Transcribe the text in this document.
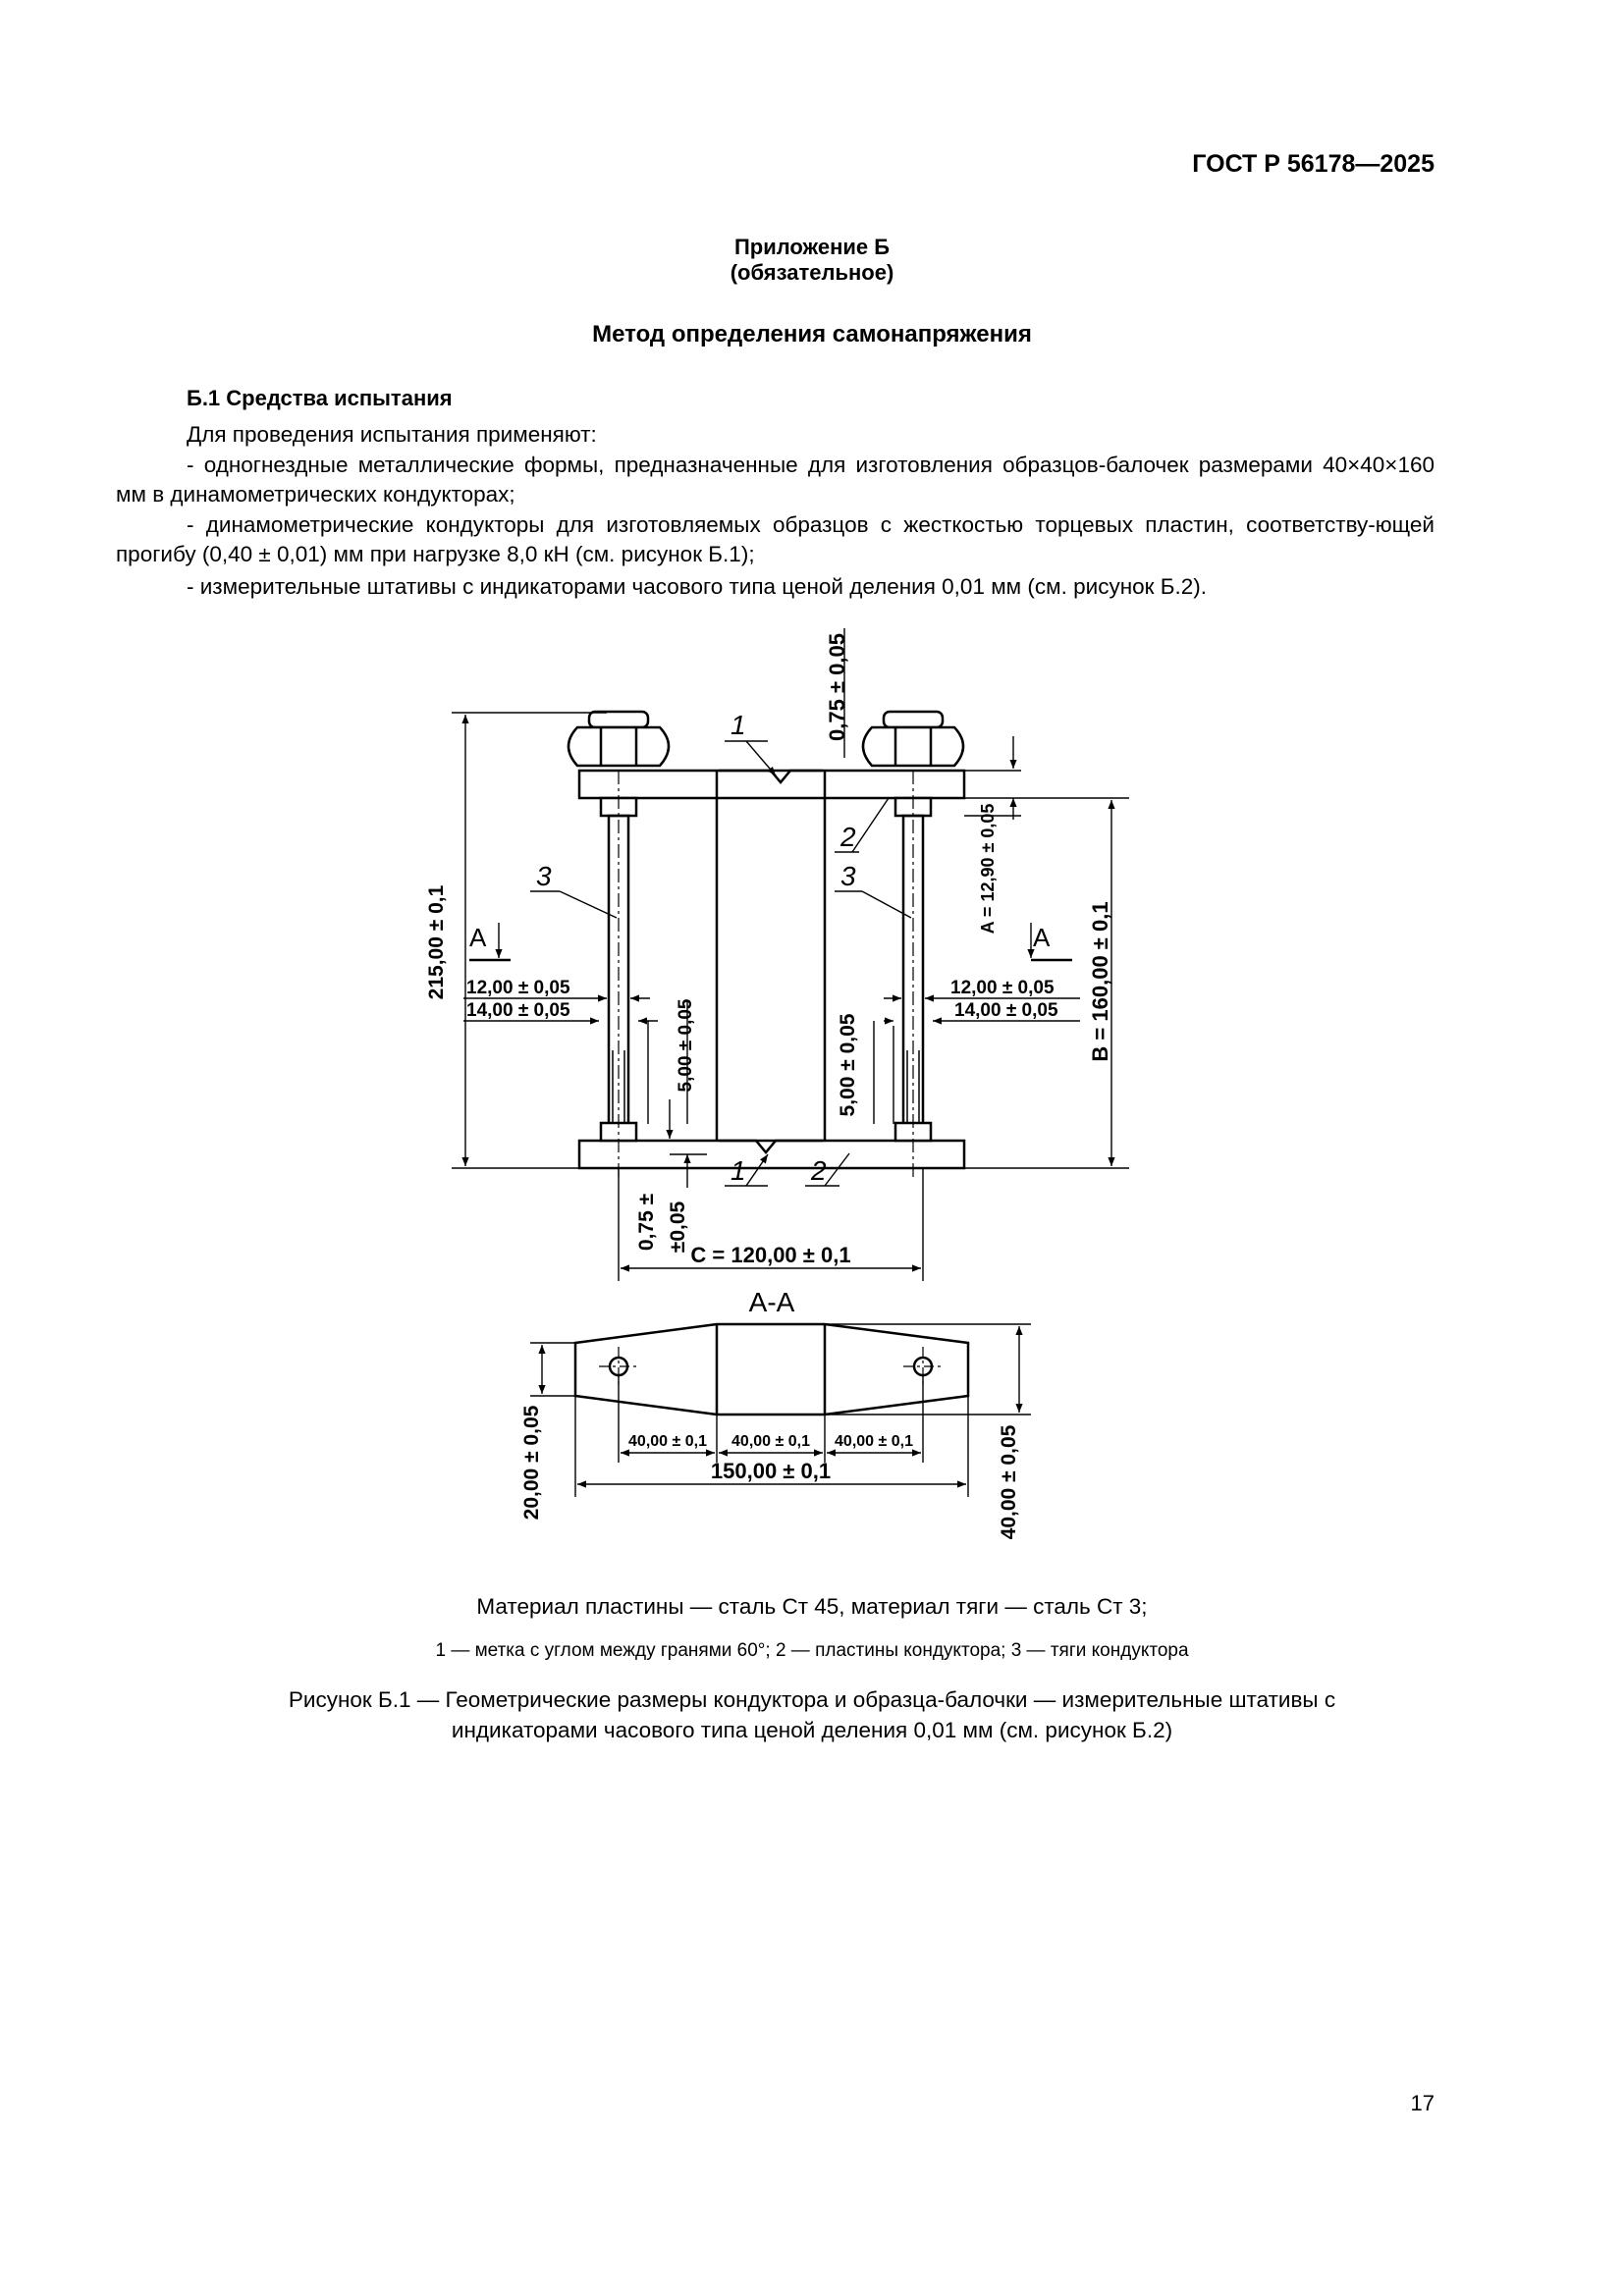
ГОСТ Р 56178—2025
Приложение Б
(обязательное)
Метод определения самонапряжения
Б.1 Средства испытания
Для проведения испытания применяют:
- одногнездные металлические формы, предназначенные для изготовления образцов-балочек размерами 40×40×160 мм в динамометрических кондукторах;
- динамометрические кондукторы для изготовляемых образцов с жесткостью торцевых пластин, соответству-ющей прогибу (0,40 ± 0,01) мм при нагрузке 8,0 кН (см. рисунок Б.1);
- измерительные штативы с индикаторами часового типа ценой деления 0,01 мм (см. рисунок Б.2).
215,00 ± 0,1	B = 160,00 ± 0,1
A = 12,90 ± 0,05
0,75 ± 0,05
C = 120,00 ± 0,1
12,00 ± 0,05
14,00 ± 0,05	5,00 ± 0,05
12,00 ± 0,05
14,00 ± 0,05
5,00 ± 0,05
0,75 ± ±0,05
А	А
1
1
2
2
3	3
А-А
40,00 ± 0,1 40,00 ± 0,1 40,00 ± 0,1
150,00 ± 0,1
20,00 ± 0,05	40,00 ± 0,05
Материал пластины — сталь Ст 45, материал тяги — сталь Ст 3;
1 — метка с углом между гранями 60°; 2 — пластины кондуктора; 3 — тяги кондуктора
Рисунок Б.1 — Геометрические размеры кондуктора и образца-балочки — измерительные штативы с
индикаторами часового типа ценой деления 0,01 мм (см. рисунок Б.2)
17
